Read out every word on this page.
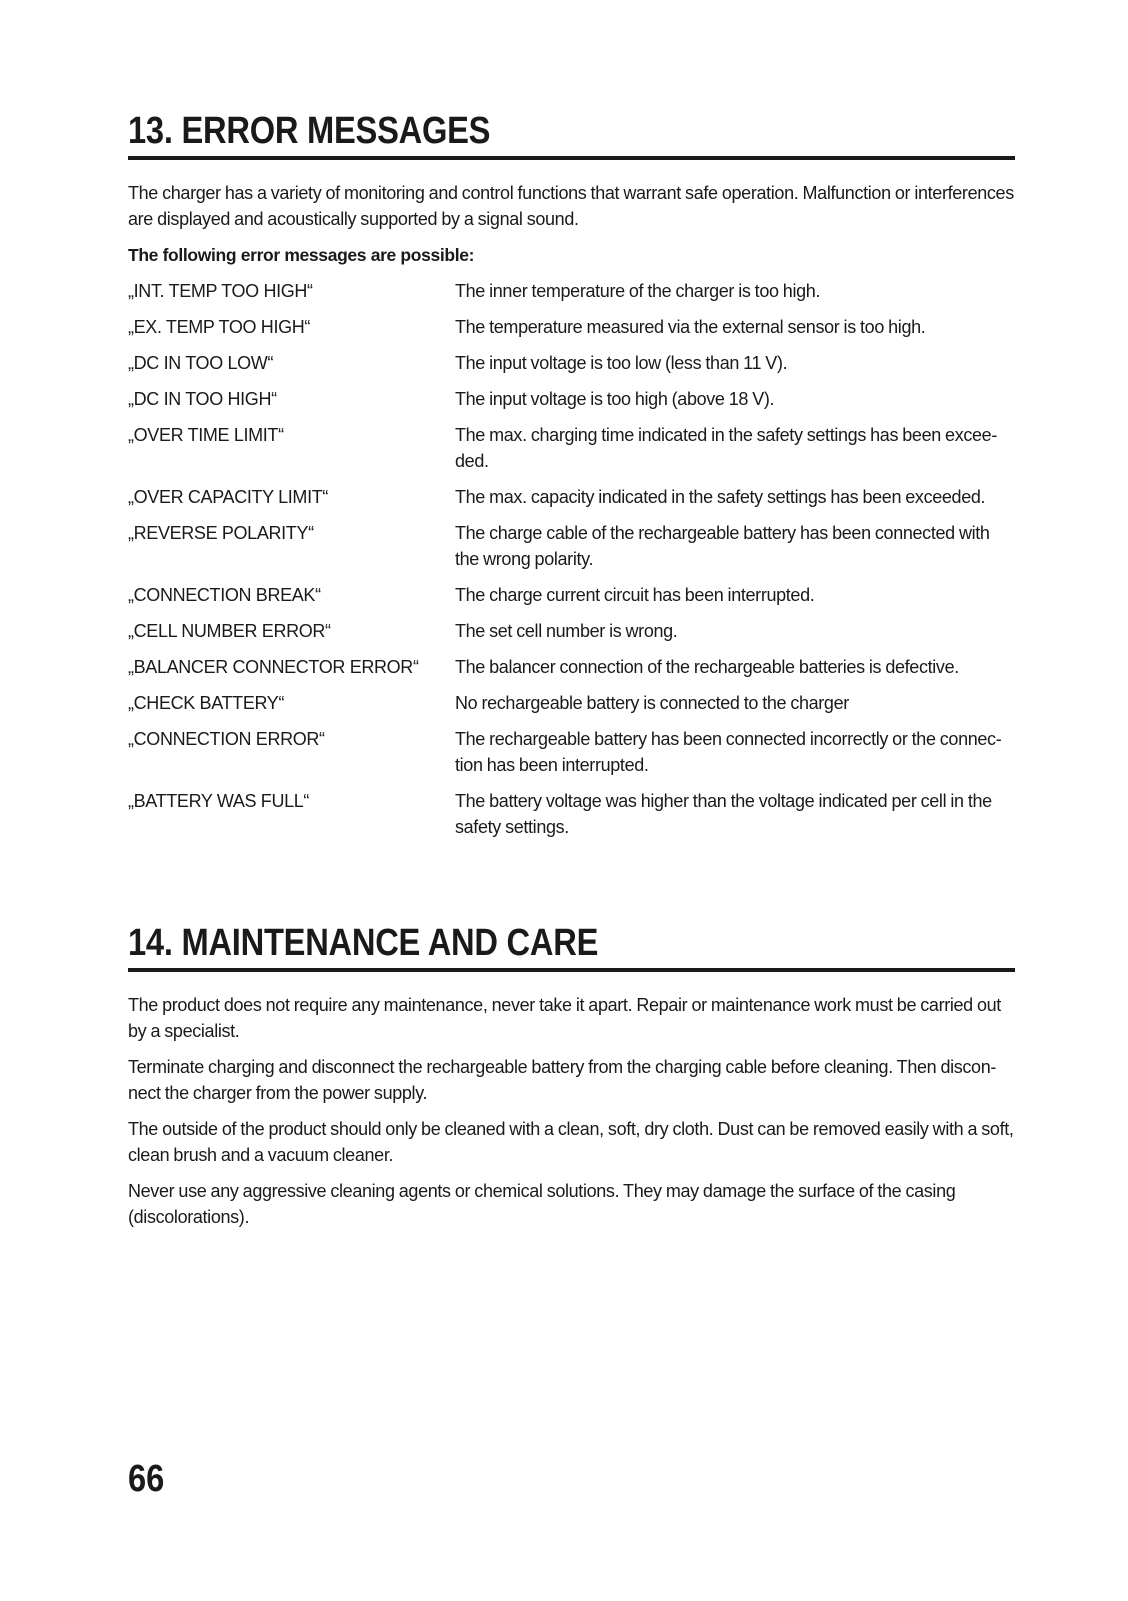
13. ERROR MESSAGES

The charger has a variety of monitoring and control functions that warrant safe operation. Malfunction or interferences are displayed and acoustically supported by a signal sound.

The following error messages are possible:

„INT. TEMP TOO HIGH“	The inner temperature of the charger is too high.
„EX. TEMP TOO HIGH“	The temperature measured via the external sensor is too high.
„DC IN TOO LOW“	The input voltage is too low (less than 11 V).
„DC IN TOO HIGH“	The input voltage is too high (above 18 V).
„OVER TIME LIMIT“	The max. charging time indicated in the safety settings has been exceeded.
„OVER CAPACITY LIMIT“	The max. capacity indicated in the safety settings has been exceeded.
„REVERSE POLARITY“	The charge cable of the rechargeable battery has been connected with the wrong polarity.
„CONNECTION BREAK“	The charge current circuit has been interrupted.
„CELL NUMBER ERROR“	The set cell number is wrong.
„BALANCER CONNECTOR ERROR“	The balancer connection of the rechargeable batteries is defective.
„CHECK BATTERY“	No rechargeable battery is connected to the charger
„CONNECTION ERROR“	The rechargeable battery has been connected incorrectly or the connection has been interrupted.
„BATTERY WAS FULL“	The battery voltage was higher than the voltage indicated per cell in the safety settings.
14. MAINTENANCE AND CARE

The product does not require any maintenance, never take it apart. Repair or maintenance work must be carried out by a specialist.

Terminate charging and disconnect the rechargeable battery from the charging cable before cleaning. Then disconnect the charger from the power supply.

The outside of the product should only be cleaned with a clean, soft, dry cloth. Dust can be removed easily with a soft, clean brush and a vacuum cleaner.

Never use any aggressive cleaning agents or chemical solutions. They may damage the surface of the casing (discolorations).

66
